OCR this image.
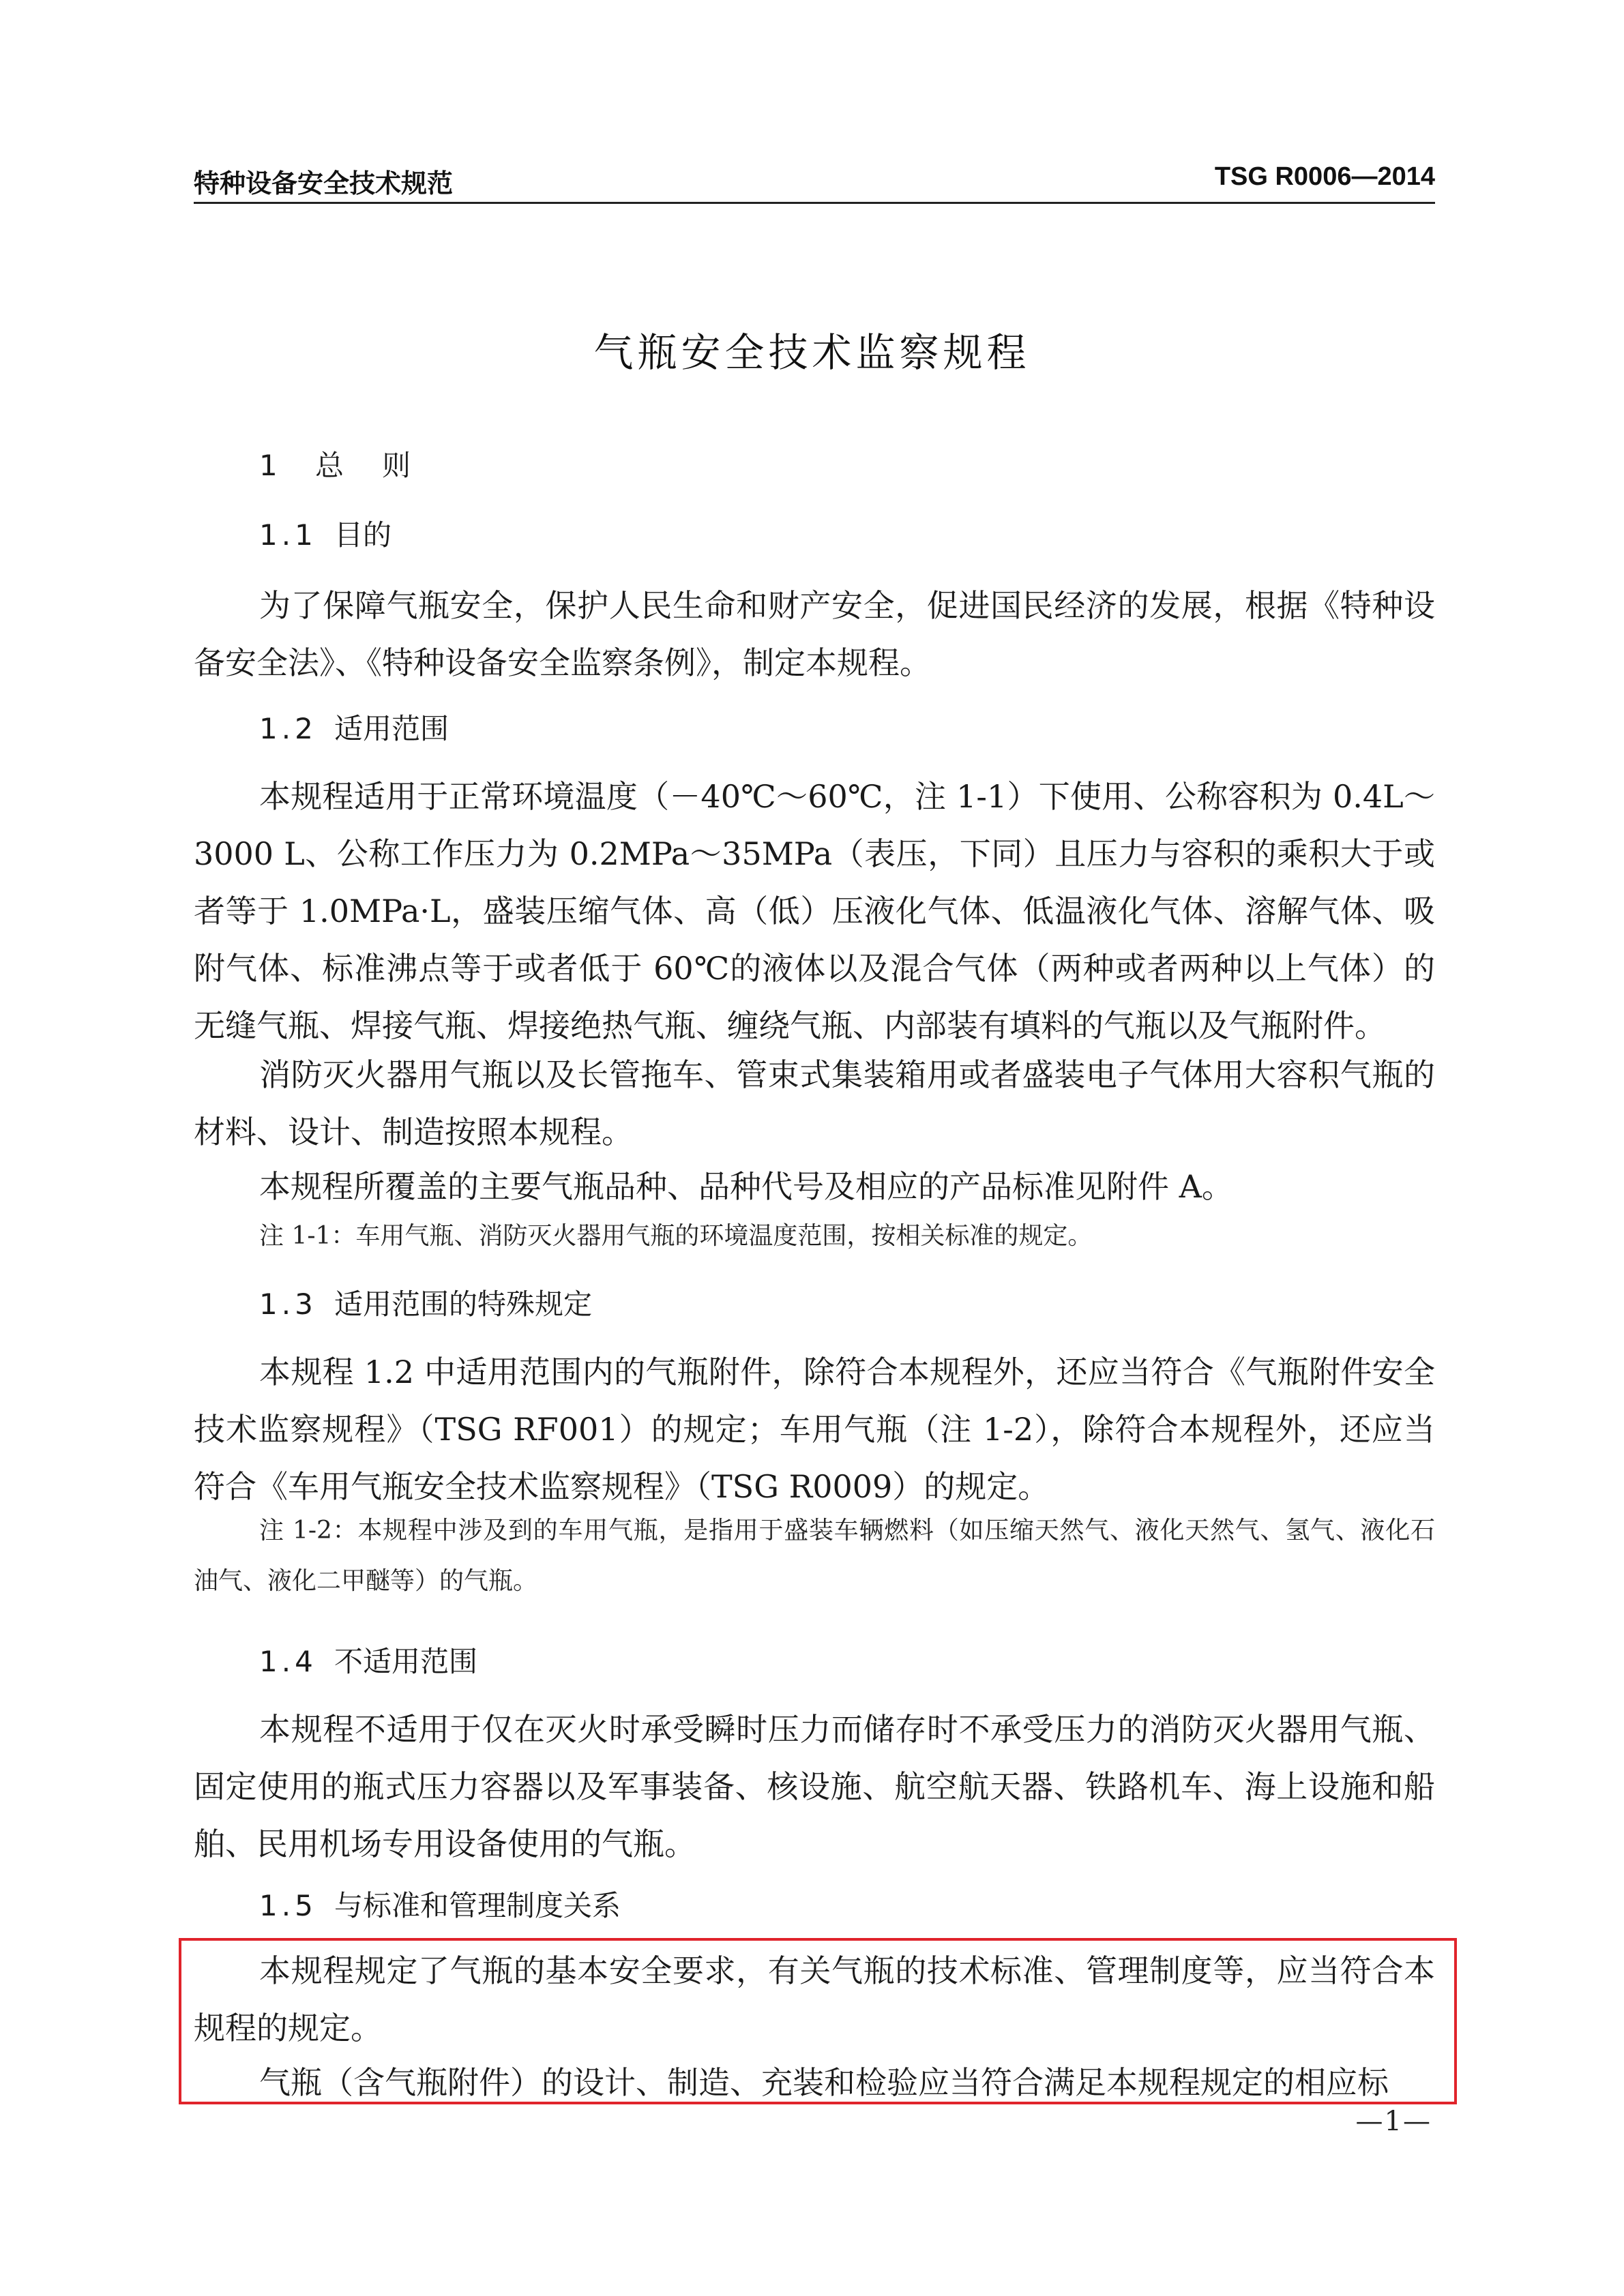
特种设备安全技术规范	TSG R0006—2014
气瓶安全技术监察规程
1 总则
1.1 目的
为了保障气瓶安全，保护人民生命和财产安全，促进国民经济的发展，根据《特种设备安全法》、《特种设备安全监察条例》，制定本规程。
1.2 适用范围
本规程适用于正常环境温度（－40℃～60℃，注 1-1）下使用、公称容积为 0.4L～3000 L、公称工作压力为 0.2MPa～35MPa（表压，下同）且压力与容积的乘积大于或者等于 1.0MPa·L，盛装压缩气体、高（低）压液化气体、低温液化气体、溶解气体、吸附气体、标准沸点等于或者低于 60℃的液体以及混合气体（两种或者两种以上气体）的无缝气瓶、焊接气瓶、焊接绝热气瓶、缠绕气瓶、内部装有填料的气瓶以及气瓶附件。
消防灭火器用气瓶以及长管拖车、管束式集装箱用或者盛装电子气体用大容积气瓶的材料、设计、制造按照本规程。
本规程所覆盖的主要气瓶品种、品种代号及相应的产品标准见附件 A。
注 1-1：车用气瓶、消防灭火器用气瓶的环境温度范围，按相关标准的规定。
1.3 适用范围的特殊规定
本规程 1.2 中适用范围内的气瓶附件，除符合本规程外，还应当符合《气瓶附件安全技术监察规程》（TSG RF001）的规定；车用气瓶（注 1-2），除符合本规程外，还应当符合《车用气瓶安全技术监察规程》（TSG R0009）的规定。
注 1-2：本规程中涉及到的车用气瓶，是指用于盛装车辆燃料（如压缩天然气、液化天然气、氢气、液化石油气、液化二甲醚等）的气瓶。
1.4 不适用范围
本规程不适用于仅在灭火时承受瞬时压力而储存时不承受压力的消防灭火器用气瓶、固定使用的瓶式压力容器以及军事装备、核设施、航空航天器、铁路机车、海上设施和船舶、民用机场专用设备使用的气瓶。
1.5 与标准和管理制度关系
本规程规定了气瓶的基本安全要求，有关气瓶的技术标准、管理制度等，应当符合本规程的规定。
气瓶（含气瓶附件）的设计、制造、充装和检验应当符合满足本规程规定的相应标
—1—
